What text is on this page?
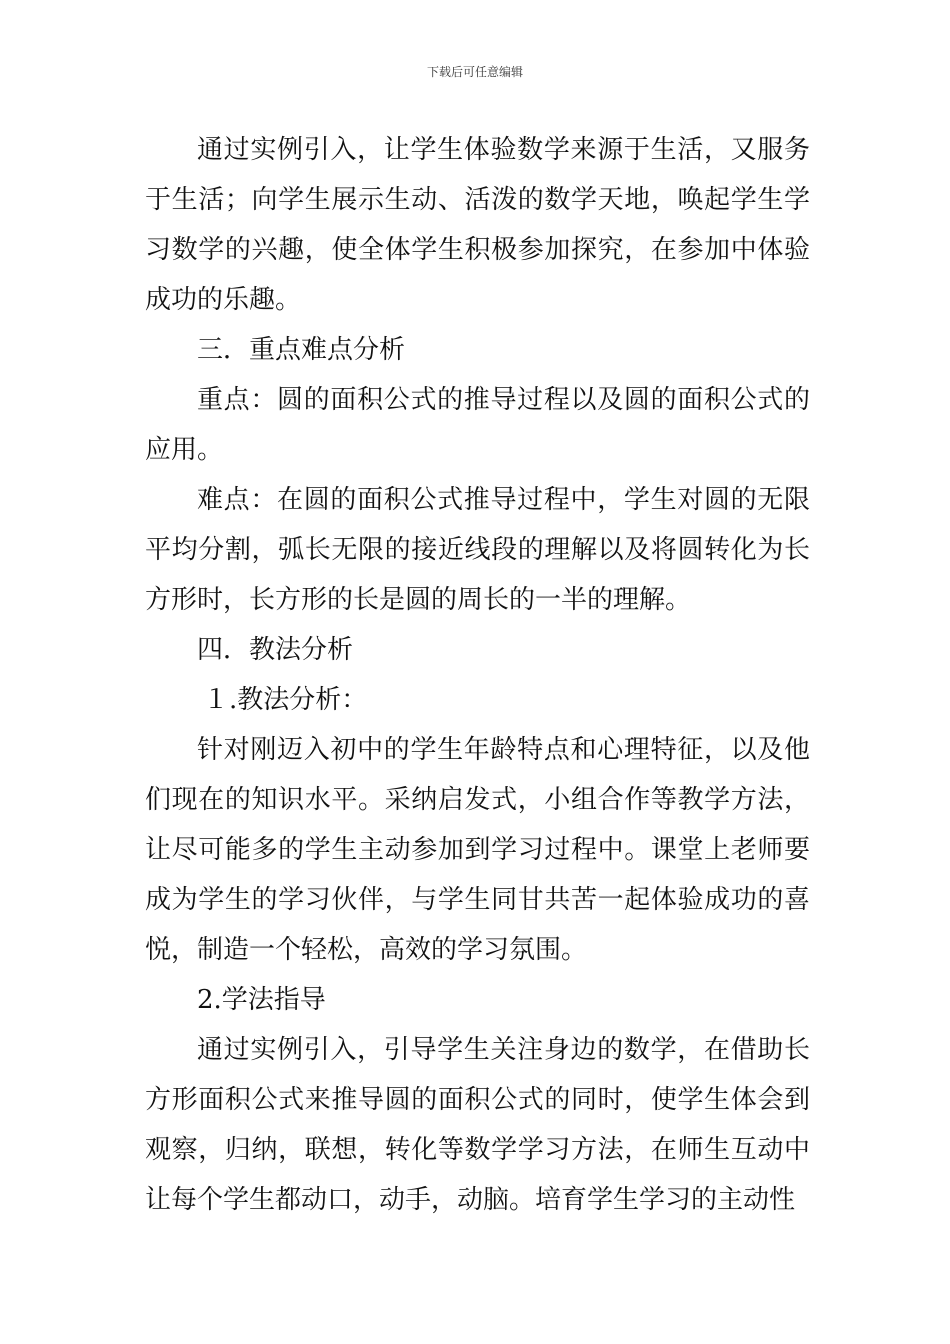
下载后可任意编辑

通过实例引入，让学生体验数学来源于生活，又服务于生活；向学生展示生动、活泼的数学天地，唤起学生学习数学的兴趣，使全体学生积极参加探究，在参加中体验成功的乐趣。

三．重点难点分析

重点：圆的面积公式的推导过程以及圆的面积公式的应用。

难点：在圆的面积公式推导过程中，学生对圆的无限平均分割，弧长无限的接近线段的理解以及将圆转化为长方形时，长方形的长是圆的周长的一半的理解。

四．教法分析

１.教法分析：

针对刚迈入初中的学生年龄特点和心理特征，以及他们现在的知识水平。采纳启发式，小组合作等教学方法，让尽可能多的学生主动参加到学习过程中。课堂上老师要成为学生的学习伙伴，与学生同甘共苦一起体验成功的喜悦，制造一个轻松，高效的学习氛围。

2.学法指导

通过实例引入，引导学生关注身边的数学，在借助长方形面积公式来推导圆的面积公式的同时，使学生体会到观察，归纳，联想，转化等数学学习方法，在师生互动中让每个学生都动口，动手，动脑。培育学生学习的主动性
